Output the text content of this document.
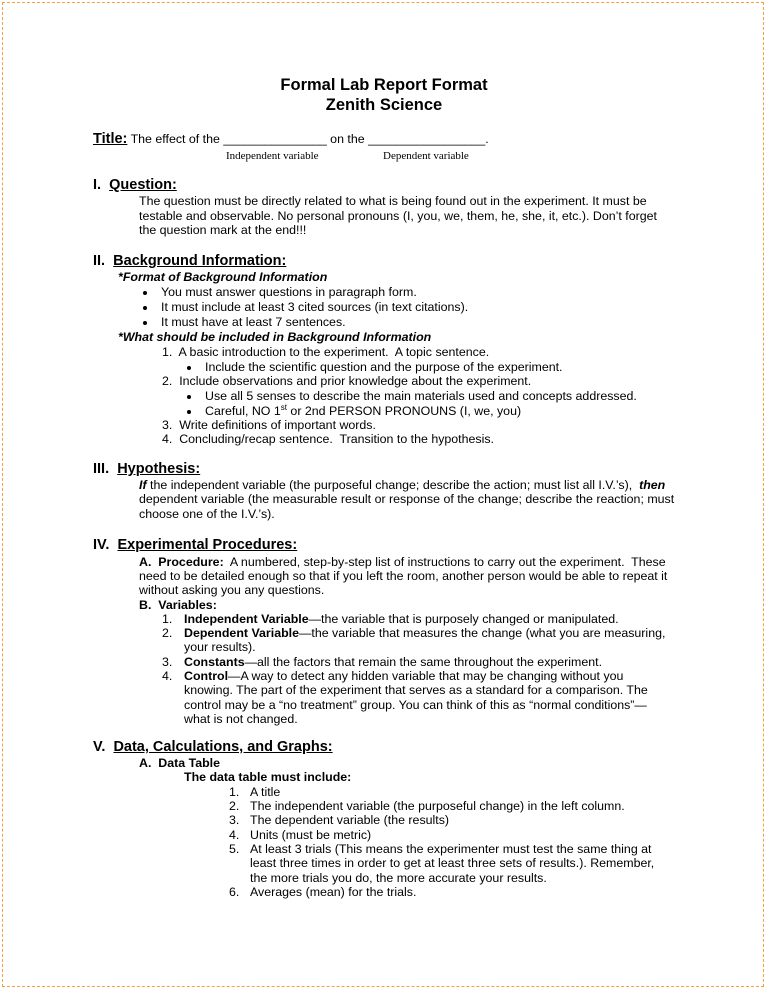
Formal Lab Report Format
Zenith Science
Title: The effect of the _______________ on the _________________.
Independent variable	Dependent variable
I. Question:
The question must be directly related to what is being found out in the experiment. It must be
testable and observable. No personal pronouns (I, you, we, them, he, she, it, etc.). Don’t forget
the question mark at the end!!!
II. Background Information:
*Format of Background Information
You must answer questions in paragraph form.
It must include at least 3 cited sources (in text citations).
It must have at least 7 sentences.
*What should be included in Background Information
1.  A basic introduction to the experiment.  A topic sentence.
Include the scientific question and the purpose of the experiment.
2.  Include observations and prior knowledge about the experiment.
Use all 5 senses to describe the main materials used and concepts addressed.
Careful, NO 1st or 2nd PERSON PRONOUNS (I, we, you)
3.  Write definitions of important words.
4.  Concluding/recap sentence.  Transition to the hypothesis.
III. Hypothesis:
If the independent variable (the purposeful change; describe the action; must list all I.V.’s),  then
dependent variable (the measurable result or response of the change; describe the reaction; must
choose one of the I.V.’s).
IV. Experimental Procedures:
A.  Procedure:  A numbered, step-by-step list of instructions to carry out the experiment.  These
need to be detailed enough so that if you left the room, another person would be able to repeat it
without asking you any questions.
B.  Variables:
1. Independent Variable—the variable that is purposely changed or manipulated.
2. Dependent Variable—the variable that measures the change (what you are measuring,
your results).
3. Constants—all the factors that remain the same throughout the experiment.
4. Control—A way to detect any hidden variable that may be changing without you
knowing. The part of the experiment that serves as a standard for a comparison. The
control may be a “no treatment” group. You can think of this as “normal conditions”—
what is not changed.
V. Data, Calculations, and Graphs:
A.  Data Table
The data table must include:
1. A title
2. The independent variable (the purposeful change) in the left column.
3. The dependent variable (the results)
4. Units (must be metric)
5. At least 3 trials (This means the experimenter must test the same thing at
least three times in order to get at least three sets of results.). Remember,
the more trials you do, the more accurate your results.
6. Averages (mean) for the trials.
